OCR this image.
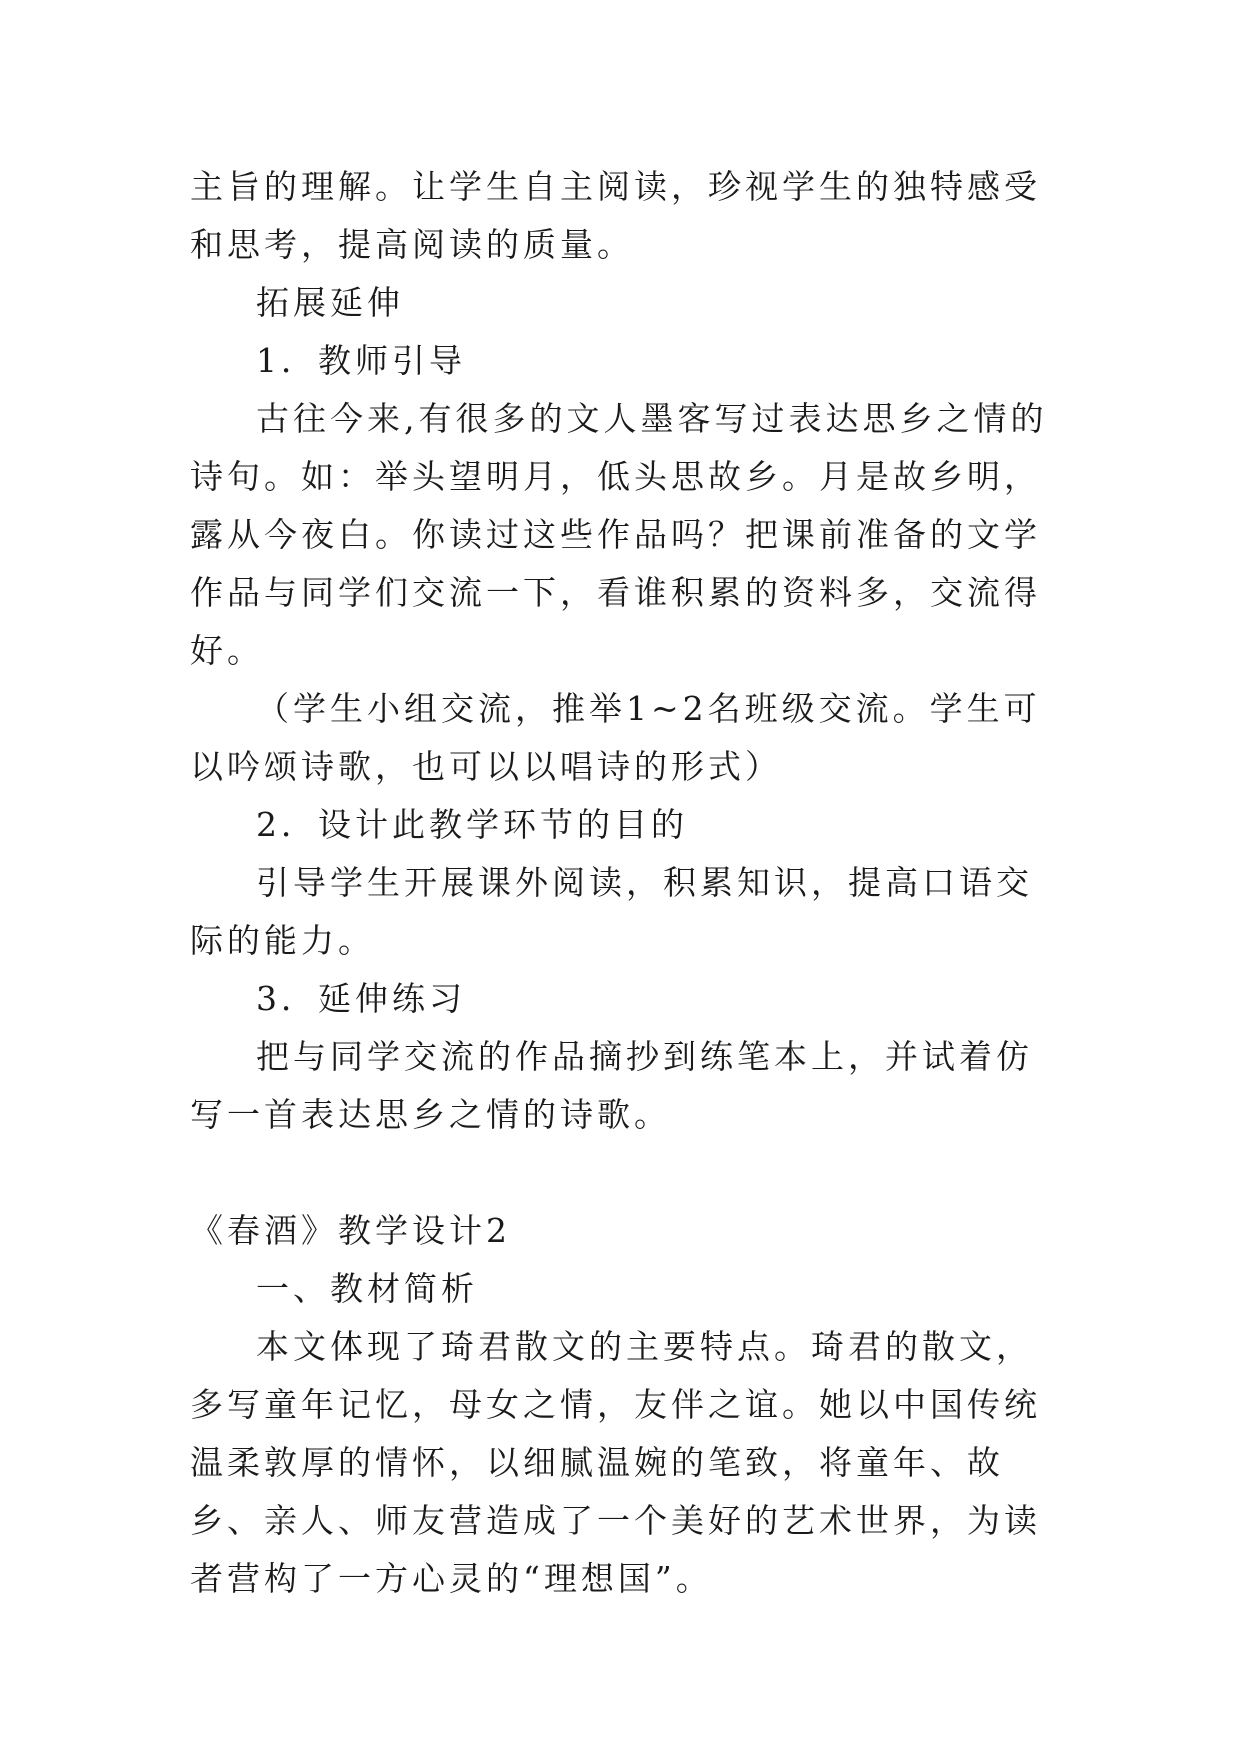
主旨的理解。让学生自主阅读，珍视学生的独特感受和思考，提高阅读的质量。

拓展延伸

1．教师引导

古往今来,有很多的文人墨客写过表达思乡之情的诗句。如：举头望明月，低头思故乡。月是故乡明，露从今夜白。你读过这些作品吗？把课前准备的文学作品与同学们交流一下，看谁积累的资料多，交流得好。

（学生小组交流，推举1~2名班级交流。学生可以吟颂诗歌，也可以以唱诗的形式）

2．设计此教学环节的目的

引导学生开展课外阅读，积累知识，提高口语交际的能力。

3．延伸练习

把与同学交流的作品摘抄到练笔本上，并试着仿写一首表达思乡之情的诗歌。

《春酒》教学设计2

一、教材简析

本文体现了琦君散文的主要特点。琦君的散文，多写童年记忆，母女之情，友伴之谊。她以中国传统温柔敦厚的情怀，以细腻温婉的笔致，将童年、故乡、亲人、师友营造成了一个美好的艺术世界，为读者营构了一方心灵的“理想国”。
